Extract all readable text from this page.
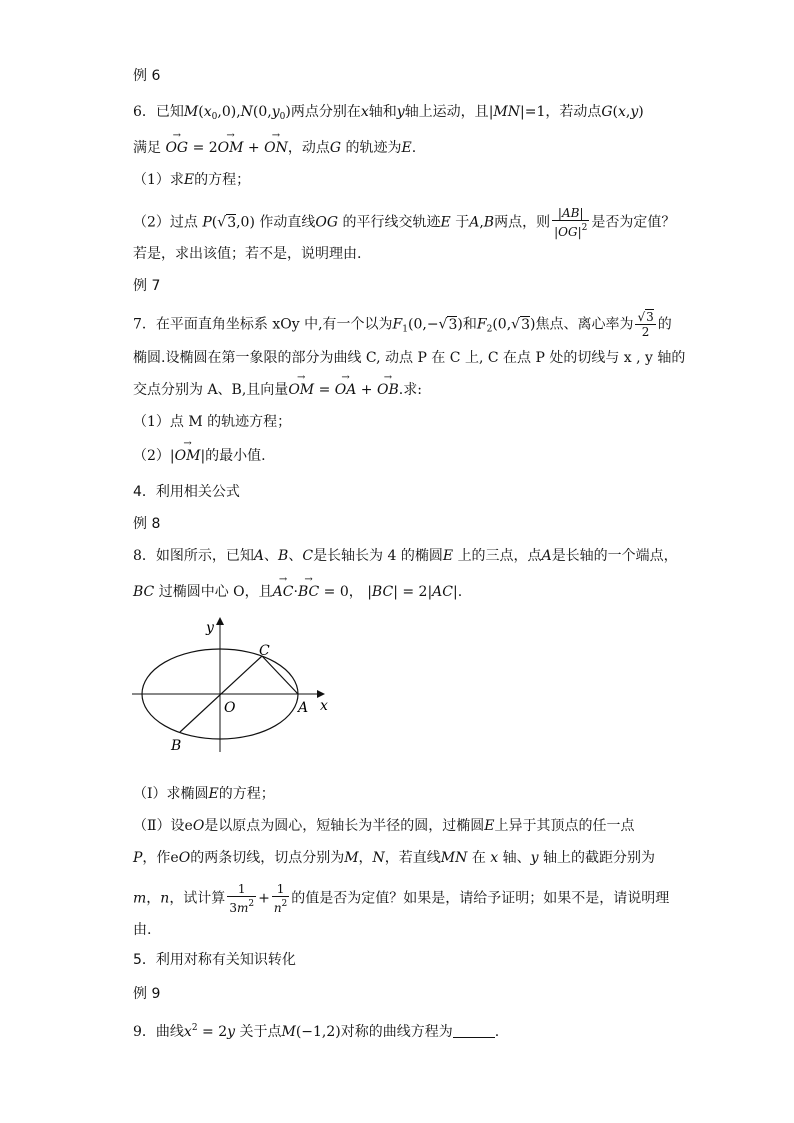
例 6
6．已知$M(x_0,0),N(0,y_0)$两点分别在x轴和y轴上运动，且|MN|=1，若动点G(x,y)
满足 → OG = 2→ OM + → ON，动点G 的轨迹为E.
（1）求E的方程；
（2）过点 P(√3,0) 作动直线OG 的平行线交轨迹E 于A,B两点，则 $\frac{|AB|}{|OG|^2}$ 是否为定值？
若是，求出该值；若不是，说明理由.
例 7
7．在平面直角坐标系 xOy 中,有一个以为$F_1(0,-√3)$和$F_2(0,√3)$焦点、离心率为 $\frac{√3}{2}$ 的
椭圆.设椭圆在第一象限的部分为曲线 C, 动点 P 在 C 上, C 在点 P 处的切线与 x , y 轴的
交点分别为 A、B,且向量→ OM = → OA + → OB.求:
（1）点 M 的轨迹方程；
（2）|→ OM|的最小值.
4．利用相关公式
例 8
8．如图所示，已知A、B、C是长轴长为 4 的椭圆E 上的三点，点A是长轴的一个端点，
BC 过椭圆中心 O，且→ AC·→ BC = 0， |BC| = 2|AC|.
y
x
O	A
B
C
（Ⅰ）求椭圆E的方程；
（Ⅱ）设eO是以原点为圆心，短轴长为半径的圆，过椭圆E上异于其顶点的任一点
P，作eO的两条切线，切点分别为M，N，若直线MN 在 x 轴、y 轴上的截距分别为
m，n，试计算 $\frac{1}{3m^2} + \frac{1}{n^2}$ 的值是否为定值？如果是，请给予证明；如果不是，请说明理
由.
5．利用对称有关知识转化
例 9
9．曲线$x^2 = 2y$ 关于点M(−1,2)对称的曲线方程为	.
